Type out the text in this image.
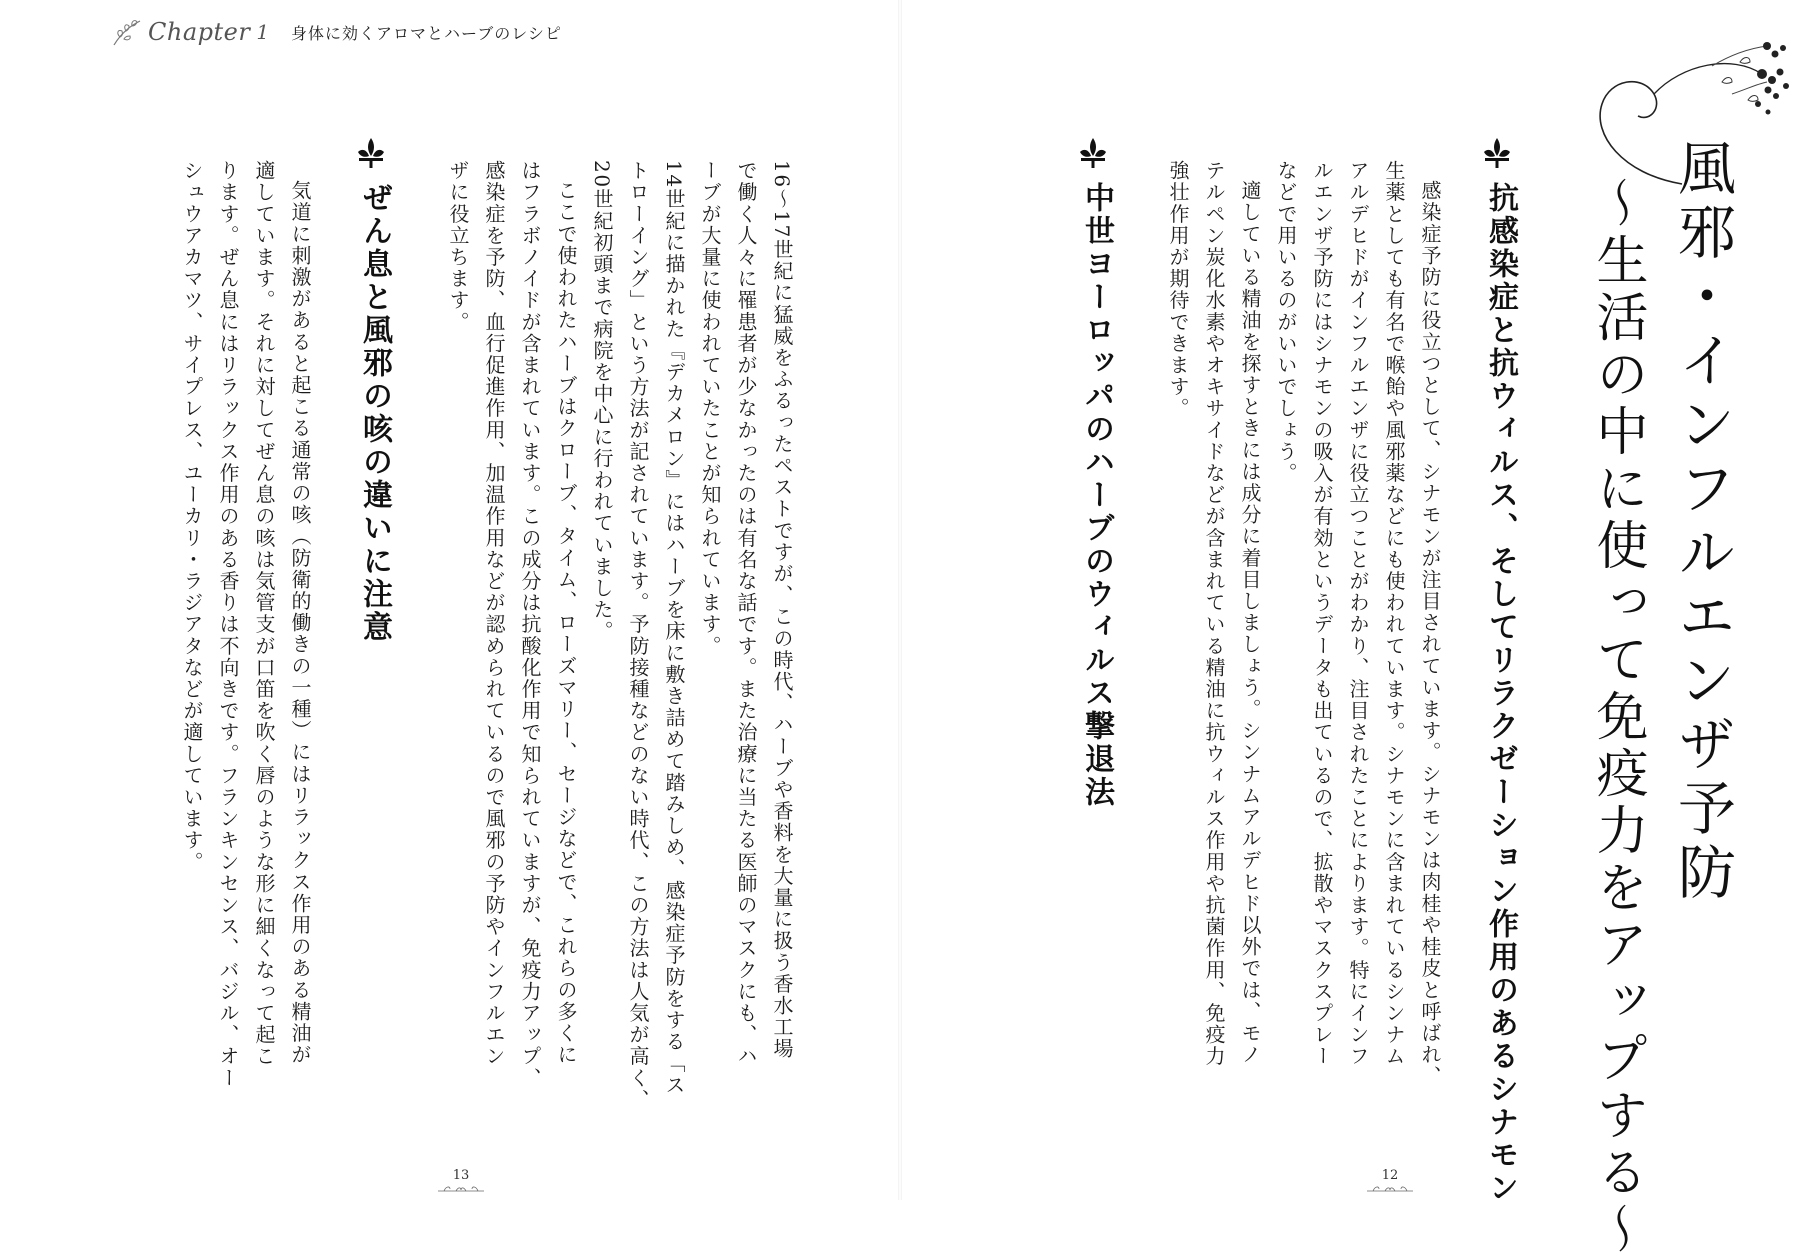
Chapter 1 身体に効くアロマとハーブのレシピ
風邪・インフルエンザ予防
～生活の中に使って免疫力をアップする～
抗感染症と抗ウィルス、そしてリラクゼーション作用のあるシナモン
感染症予防に役立つとして、シナモンが注目されています。シナモンは肉桂や桂皮と呼ばれ、
生薬としても有名で喉飴や風邪薬などにも使われています。シナモンに含まれているシンナム
アルデヒドがインフルエンザに役立つことがわかり、注目されたことによります。特にインフ
ルエンザ予防にはシナモンの吸入が有効というデータも出ているので、拡散やマスクスプレー
などで用いるのがいいでしょう。
適している精油を探すときには成分に着目しましょう。シンナムアルデヒド以外では、モノ
テルペン炭化水素やオキサイドなどが含まれている精油に抗ウィルス作用や抗菌作用、免疫力
強壮作用が期待できます。
中世ヨーロッパのハーブのウィルス撃退法
16～17世紀に猛威をふるったペストですが、この時代、ハーブや香料を大量に扱う香水工場
で働く人々に罹患者が少なかったのは有名な話です。また治療に当たる医師のマスクにも、ハ
ーブが大量に使われていたことが知られています。
14世紀に描かれた『デカメロン』にはハーブを床に敷き詰めて踏みしめ、感染症予防をする「ス
トローイング」という方法が記されています。予防接種などのない時代、この方法は人気が高く、
20世紀初頭まで病院を中心に行われていました。
ここで使われたハーブはクローブ、タイム、ローズマリー、セージなどで、これらの多くに
はフラボノイドが含まれています。この成分は抗酸化作用で知られていますが、免疫力アップ、
感染症を予防、血行促進作用、加温作用などが認められているので風邪の予防やインフルエン
ザに役立ちます。
ぜん息と風邪の咳の違いに注意
気道に刺激があると起こる通常の咳（防衛的働きの一種）にはリラックス作用のある精油が
適しています。それに対してぜん息の咳は気管支が口笛を吹く唇のような形に細くなって起こ
ります。ぜん息にはリラックス作用のある香りは不向きです。フランキンセンス、バジル、オー
シュウアカマツ、サイプレス、ユーカリ・ラジアタなどが適しています。
13	12
